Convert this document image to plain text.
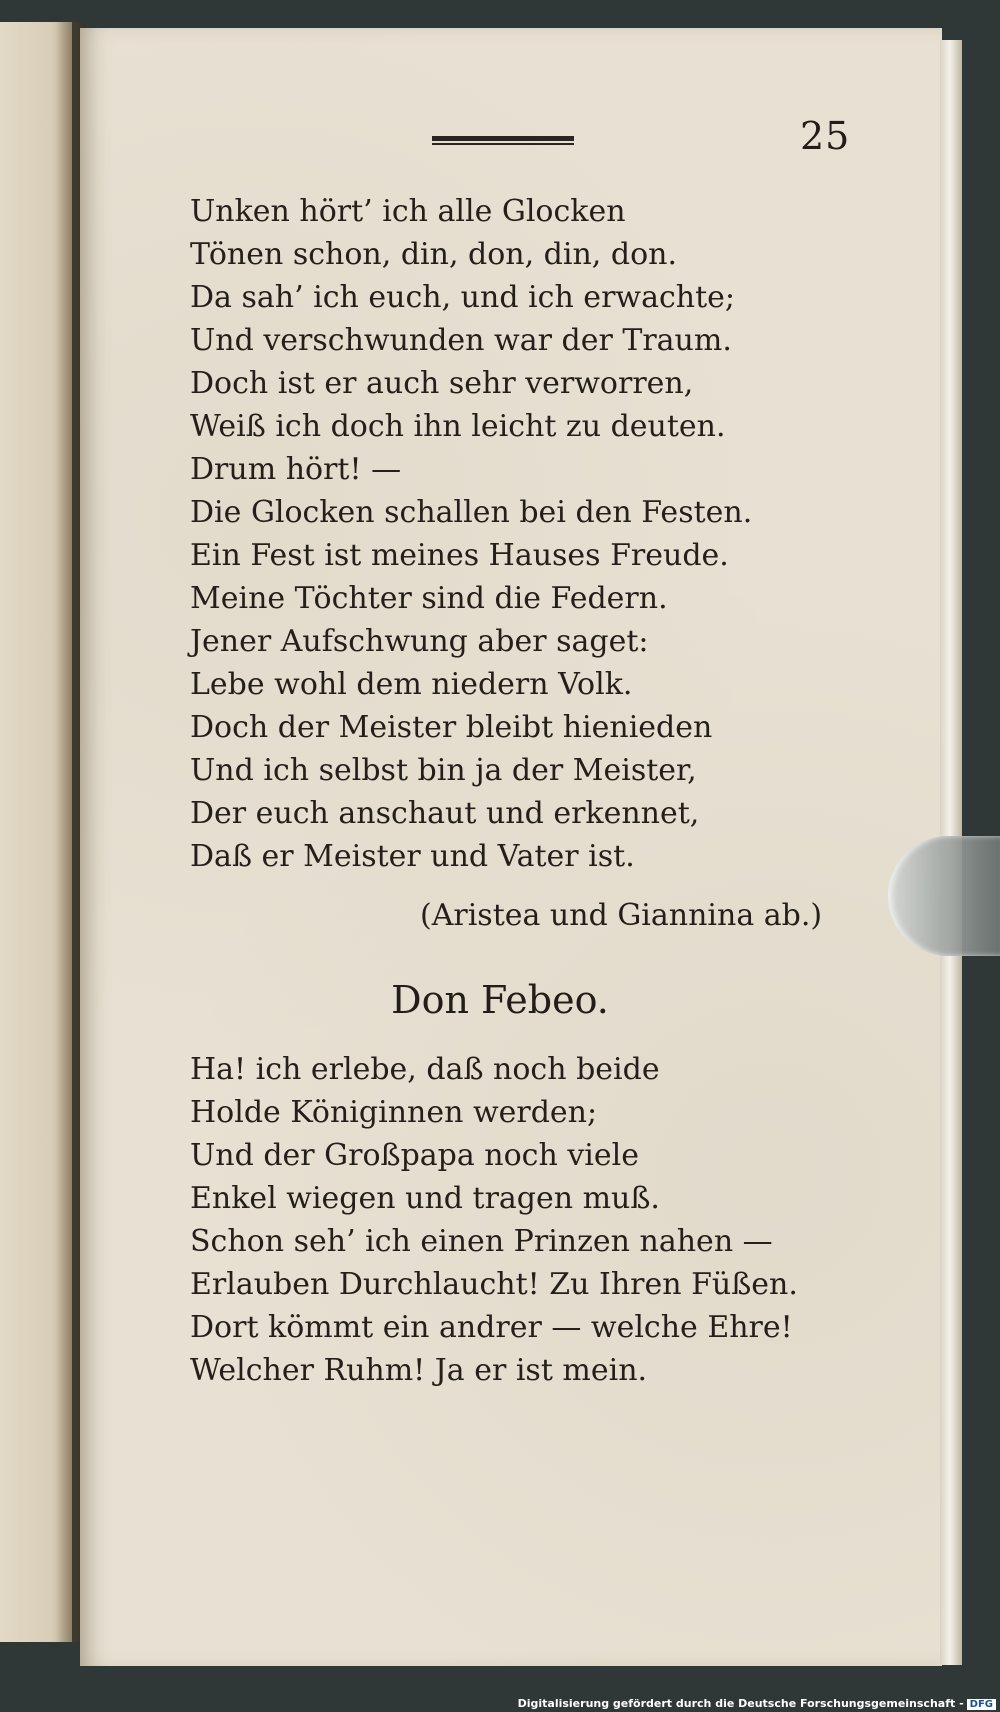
25
Unken hört’ ich alle Glocken
Tönen schon, din, don, din, don.
Da sah’ ich euch, und ich erwachte;
Und verschwunden war der Traum.
Doch ist er auch sehr verworren,
Weiß ich doch ihn leicht zu deuten.
Drum hört! —
Die Glocken schallen bei den Festen.
Ein Fest ist meines Hauses Freude.
Meine Töchter sind die Federn.
Jener Aufschwung aber saget:
Lebe wohl dem niedern Volk.
Doch der Meister bleibt hienieden
Und ich selbst bin ja der Meister,
Der euch anschaut und erkennet,
Daß er Meister und Vater ist.
(Aristea und Giannina ab.)
Don Febeo.
Ha! ich erlebe, daß noch beide
Holde Königinnen werden;
Und der Großpapa noch viele
Enkel wiegen und tragen muß.
Schon seh’ ich einen Prinzen nahen —
Erlauben Durchlaucht! Zu Ihren Füßen.
Dort kömmt ein andrer — welche Ehre!
Welcher Ruhm! Ja er ist mein.
Digitalisierung gefördert durch die Deutsche Forschungsgemeinschaft - DFG
